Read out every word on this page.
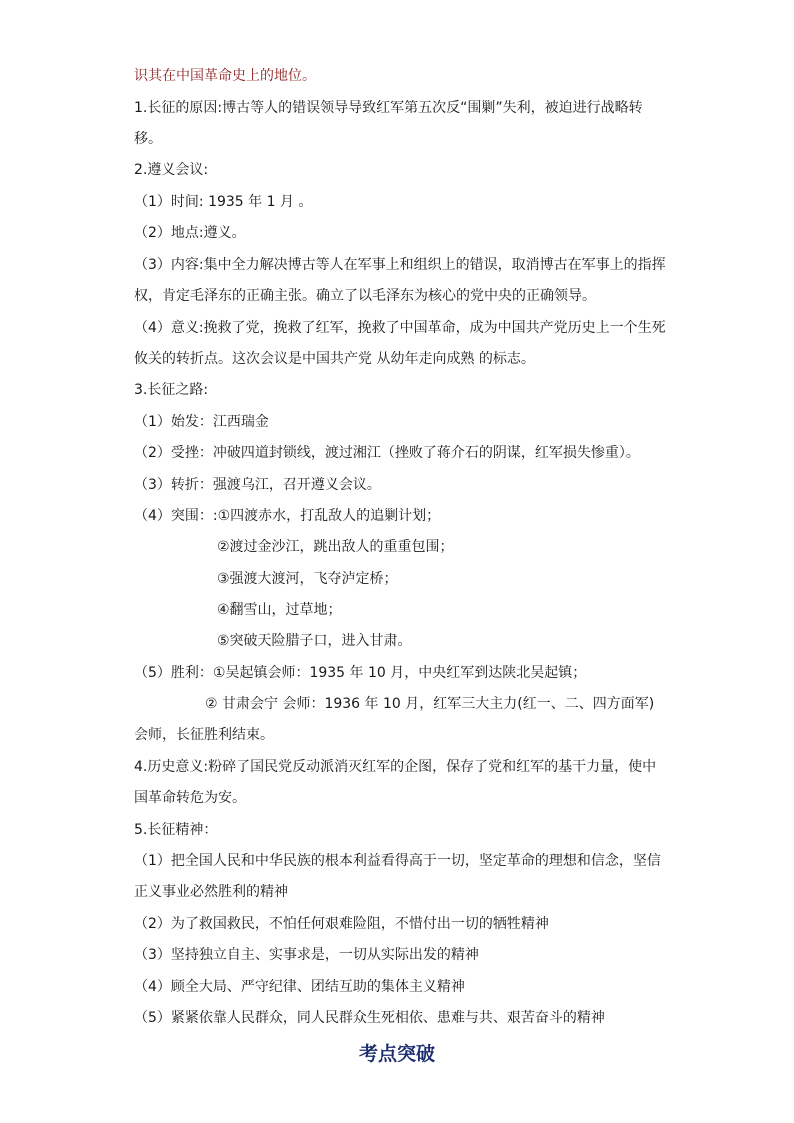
识其在中国革命史上的地位。
1.长征的原因:博古等人的错误领导导致红军第五次反“围剿”失利，被迫进行战略转
移。
2.遵义会议:
（1）时间: 1935 年 1 月 。
（2）地点:遵义。
（3）内容:集中全力解决博古等人在军事上和组织上的错误，取消博古在军事上的指挥
权，肯定毛泽东的正确主张。确立了以毛泽东为核心的党中央的正确领导。
（4）意义:挽救了党，挽救了红军，挽救了中国革命，成为中国共产党历史上一个生死
攸关的转折点。这次会议是中国共产党 从幼年走向成熟 的标志。
3.长征之路:
（1）始发：江西瑞金
（2）受挫：冲破四道封锁线，渡过湘江（挫败了蒋介石的阴谋，红军损失惨重）。
（3）转折：强渡乌江，召开遵义会议。
（4）突围：:①四渡赤水，打乱敌人的追剿计划；
②渡过金沙江，跳出敌人的重重包围；
③强渡大渡河，飞夺泸定桥；
④翻雪山，过草地；
⑤突破天险腊子口，进入甘肃。
（5）胜利：①吴起镇会师：1935 年 10 月，中央红军到达陕北吴起镇；
② 甘肃会宁 会师：1936 年 10 月，红军三大主力(红一、二、四方面军)
会师，长征胜利结束。
4.历史意义:粉碎了国民党反动派消灭红军的企图，保存了党和红军的基干力量，使中
国革命转危为安。
5.长征精神：
（1）把全国人民和中华民族的根本利益看得高于一切，坚定革命的理想和信念，坚信
正义事业必然胜利的精神
（2）为了救国救民，不怕任何艰难险阻，不惜付出一切的牺牲精神
（3）坚持独立自主、实事求是，一切从实际出发的精神
（4）顾全大局、严守纪律、团结互助的集体主义精神
（5）紧紧依靠人民群众，同人民群众生死相依、患难与共、艰苦奋斗的精神
考点突破
